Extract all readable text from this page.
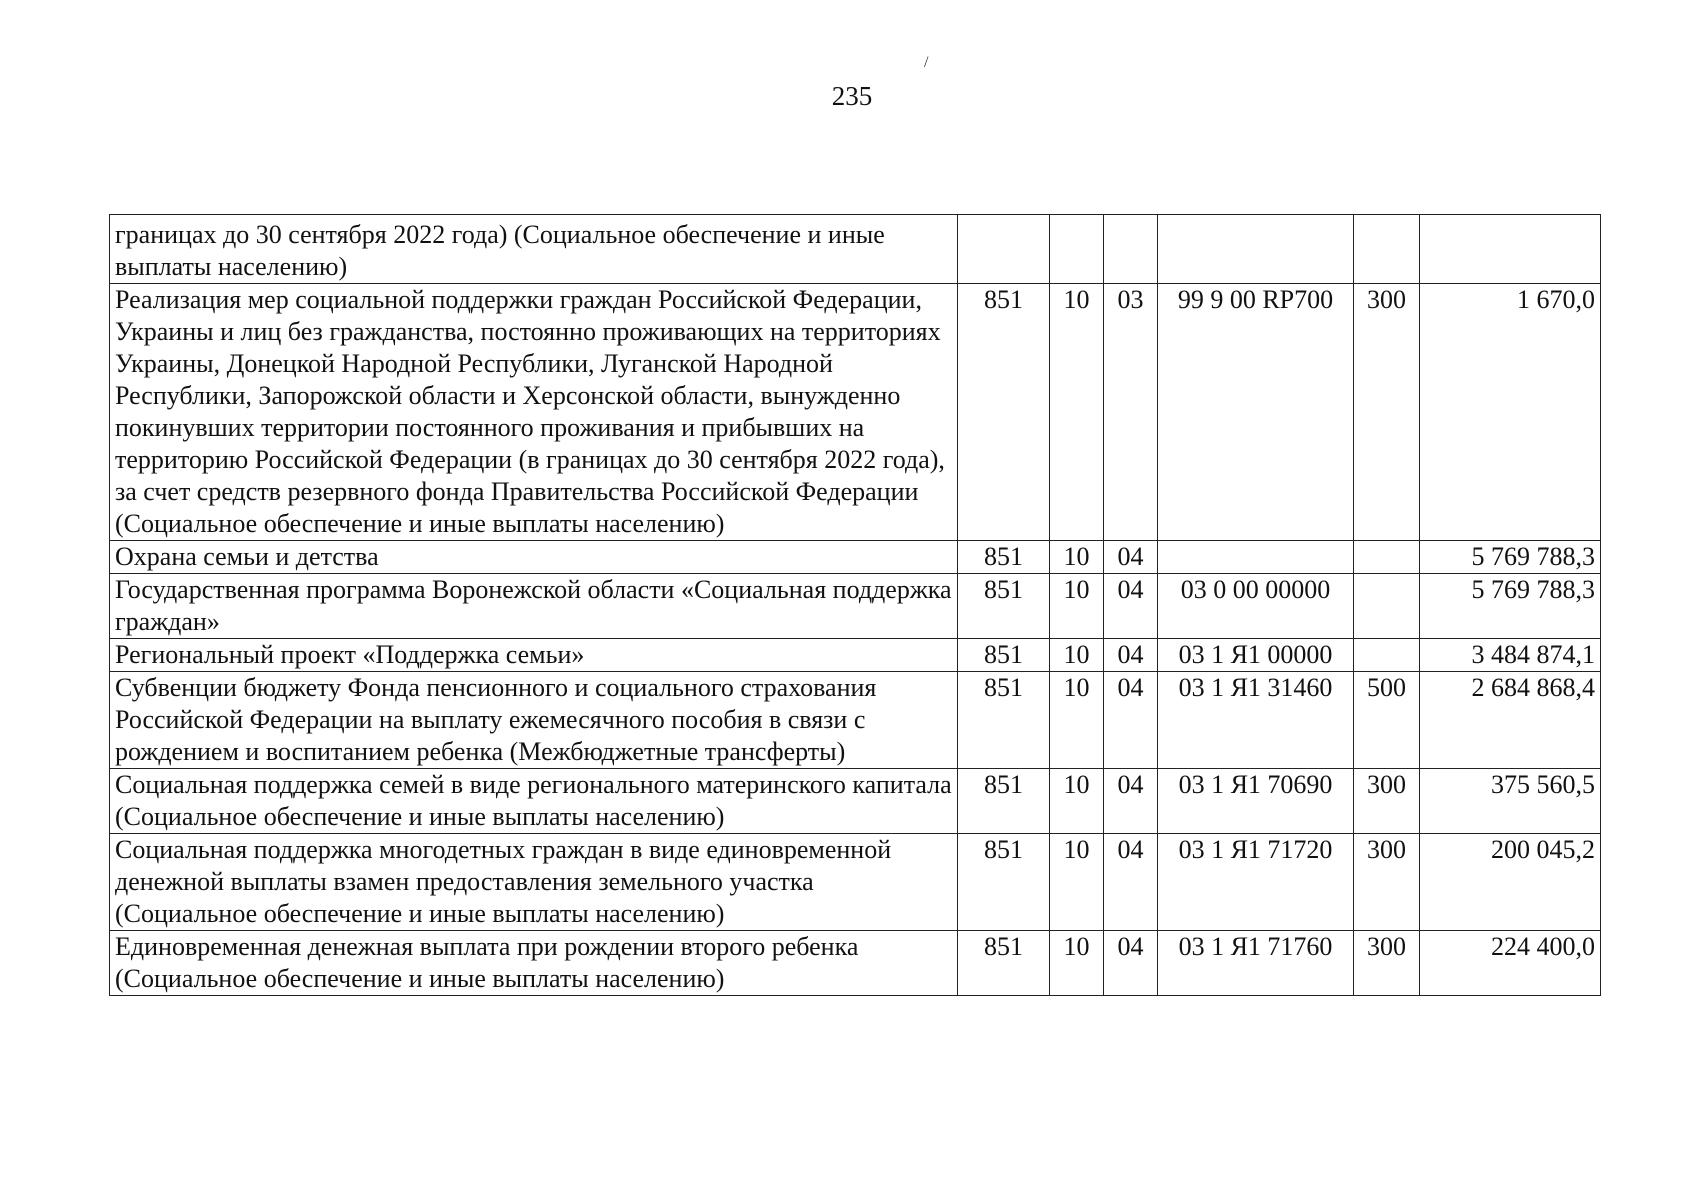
/
235
границах до 30 сентября 2022 года) (Социальное обеспечение и иные выплаты населению)						
Реализация мер социальной поддержки граждан Российской Федерации, Украины и лиц без гражданства, постоянно проживающих на территориях Украины, Донецкой Народной Республики, Луганской Народной Республики, Запорожской области и Херсонской области, вынужденно покинувших территории постоянного проживания и прибывших на территорию Российской Федерации (в границах до 30 сентября 2022 года), за счет средств резервного фонда Правительства Российской Федерации (Социальное обеспечение и иные выплаты населению)	851	10	03	99 9 00 RP700	300	1 670,0
Охрана семьи и детства	851	10	04			5 769 788,3
Государственная программа Воронежской области «Социальная поддержка граждан»	851	10	04	03 0 00 00000		5 769 788,3
Региональный проект «Поддержка семьи»	851	10	04	03 1 Я1 00000		3 484 874,1
Субвенции бюджету Фонда пенсионного и социального страхования Российской Федерации на выплату ежемесячного пособия в связи с рождением и воспитанием ребенка (Межбюджетные трансферты)	851	10	04	03 1 Я1 31460	500	2 684 868,4
Социальная поддержка семей в виде регионального материнского капитала (Социальное обеспечение и иные выплаты населению)	851	10	04	03 1 Я1 70690	300	375 560,5
Социальная поддержка многодетных граждан в виде единовременной денежной выплаты взамен предоставления земельного участка (Социальное обеспечение и иные выплаты населению)	851	10	04	03 1 Я1 71720	300	200 045,2
Единовременная денежная выплата при рождении второго ребенка (Социальное обеспечение и иные выплаты населению)	851	10	04	03 1 Я1 71760	300	224 400,0
